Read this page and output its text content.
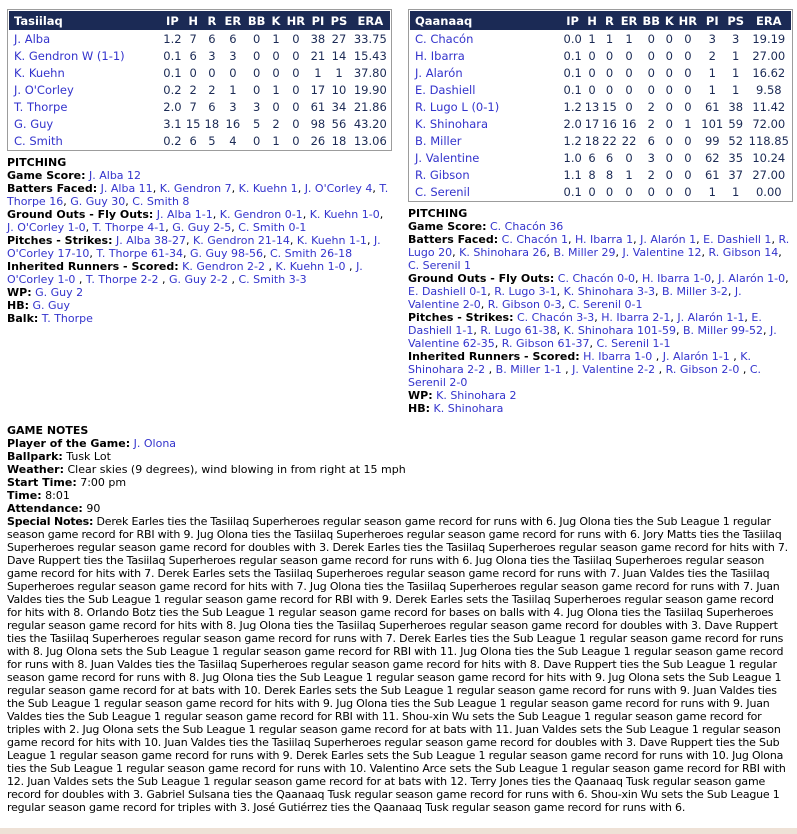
Tasiilaq	IP	H	R	ER	BB	K	HR	PI	PS	ERA
J. Alba	1.2	7	6	6	0	1	0	38	27	33.75
K. Gendron W (1-1)	0.1	6	3	3	0	0	0	21	14	15.43
K. Kuehn	0.1	0	0	0	0	0	0	1	1	37.80
J. O'Corley	0.2	2	2	1	0	1	0	17	10	19.90
T. Thorpe	2.0	7	6	3	3	0	0	61	34	21.86
G. Guy	3.1	15	18	16	5	2	0	98	56	43.20
C. Smith	0.2	6	5	4	0	1	0	26	18	13.06
PITCHING
Game Score: J. Alba 12
Batters Faced: J. Alba 11, K. Gendron 7, K. Kuehn 1, J. O'Corley 4, T. Thorpe 16, G. Guy 30, C. Smith 8
Ground Outs - Fly Outs: J. Alba 1-1, K. Gendron 0-1, K. Kuehn 1-0, J. O'Corley 1-0, T. Thorpe 4-1, G. Guy 2-5, C. Smith 0-1
Pitches - Strikes: J. Alba 38-27, K. Gendron 21-14, K. Kuehn 1-1, J. O'Corley 17-10, T. Thorpe 61-34, G. Guy 98-56, C. Smith 26-18
Inherited Runners - Scored: K. Gendron 2-2 , K. Kuehn 1-0 , J. O'Corley 1-0 , T. Thorpe 2-2 , G. Guy 2-2 , C. Smith 3-3
WP: G. Guy 2
HB: G. Guy
Balk: T. Thorpe
Qaanaaq	IP	H	R	ER	BB	K	HR	PI	PS	ERA
C. Chacón	0.0	1	1	1	0	0	0	3	3	19.19
H. Ibarra	0.1	0	0	0	0	0	0	2	1	27.00
J. Alarón	0.1	0	0	0	0	0	0	1	1	16.62
E. Dashiell	0.1	0	0	0	0	0	0	1	1	9.58
R. Lugo L (0-1)	1.2	13	15	0	2	0	0	61	38	11.42
K. Shinohara	2.0	17	16	16	2	0	1	101	59	72.00
B. Miller	1.2	18	22	22	6	0	0	99	52	118.85
J. Valentine	1.0	6	6	0	3	0	0	62	35	10.24
R. Gibson	1.1	8	8	1	2	0	0	61	37	27.00
C. Serenil	0.1	0	0	0	0	0	0	1	1	0.00
PITCHING
Game Score: C. Chacón 36
Batters Faced: C. Chacón 1, H. Ibarra 1, J. Alarón 1, E. Dashiell 1, R. Lugo 20, K. Shinohara 26, B. Miller 29, J. Valentine 12, R. Gibson 14, C. Serenil 1
Ground Outs - Fly Outs: C. Chacón 0-0, H. Ibarra 1-0, J. Alarón 1-0, E. Dashiell 0-1, R. Lugo 3-1, K. Shinohara 3-3, B. Miller 3-2, J. Valentine 2-0, R. Gibson 0-3, C. Serenil 0-1
Pitches - Strikes: C. Chacón 3-3, H. Ibarra 2-1, J. Alarón 1-1, E. Dashiell 1-1, R. Lugo 61-38, K. Shinohara 101-59, B. Miller 99-52, J. Valentine 62-35, R. Gibson 61-37, C. Serenil 1-1
Inherited Runners - Scored: H. Ibarra 1-0 , J. Alarón 1-1 , K. Shinohara 2-2 , B. Miller 1-1 , J. Valentine 2-2 , R. Gibson 2-0 , C. Serenil 2-0
WP: K. Shinohara 2
HB: K. Shinohara
GAME NOTES
Player of the Game: J. Olona
Ballpark: Tusk Lot
Weather: Clear skies (9 degrees), wind blowing in from right at 15 mph
Start Time: 7:00 pm
Time: 8:01
Attendance: 90
Special Notes: Derek Earles ties the Tasiilaq Superheroes regular season game record for runs with 6. Jug Olona ties the Sub League 1 regular season game record for RBI with 9. Jug Olona ties the Tasiilaq Superheroes regular season game record for runs with 6. Jory Matts ties the Tasiilaq Superheroes regular season game record for doubles with 3. Derek Earles ties the Tasiilaq Superheroes regular season game record for hits with 7. Dave Ruppert ties the Tasiilaq Superheroes regular season game record for runs with 6. Jug Olona ties the Tasiilaq Superheroes regular season game record for hits with 7. Derek Earles sets the Tasiilaq Superheroes regular season game record for runs with 7. Juan Valdes ties the Tasiilaq Superheroes regular season game record for hits with 7. Jug Olona ties the Tasiilaq Superheroes regular season game record for runs with 7. Juan Valdes ties the Sub League 1 regular season game record for RBI with 9. Derek Earles sets the Tasiilaq Superheroes regular season game record for hits with 8. Orlando Botz ties the Sub League 1 regular season game record for bases on balls with 4. Jug Olona ties the Tasiilaq Superheroes regular season game record for hits with 8. Jug Olona ties the Tasiilaq Superheroes regular season game record for doubles with 3. Dave Ruppert ties the Tasiilaq Superheroes regular season game record for runs with 7. Derek Earles ties the Sub League 1 regular season game record for runs with 8. Jug Olona sets the Sub League 1 regular season game record for RBI with 11. Jug Olona ties the Sub League 1 regular season game record for runs with 8. Juan Valdes ties the Tasiilaq Superheroes regular season game record for hits with 8. Dave Ruppert ties the Sub League 1 regular season game record for runs with 8. Jug Olona ties the Sub League 1 regular season game record for hits with 9. Jug Olona sets the Sub League 1 regular season game record for at bats with 10. Derek Earles sets the Sub League 1 regular season game record for runs with 9. Juan Valdes ties the Sub League 1 regular season game record for hits with 9. Jug Olona ties the Sub League 1 regular season game record for runs with 9. Juan Valdes ties the Sub League 1 regular season game record for RBI with 11. Shou-xin Wu sets the Sub League 1 regular season game record for triples with 2. Jug Olona sets the Sub League 1 regular season game record for at bats with 11. Juan Valdes sets the Sub League 1 regular season game record for hits with 10. Juan Valdes ties the Tasiilaq Superheroes regular season game record for doubles with 3. Dave Ruppert ties the Sub League 1 regular season game record for runs with 9. Derek Earles sets the Sub League 1 regular season game record for runs with 10. Jug Olona ties the Sub League 1 regular season game record for runs with 10. Valentino Arce sets the Sub League 1 regular season game record for RBI with 12. Juan Valdes sets the Sub League 1 regular season game record for at bats with 12. Terry Jones ties the Qaanaaq Tusk regular season game record for doubles with 3. Gabriel Sulsana ties the Qaanaaq Tusk regular season game record for runs with 6. Shou-xin Wu sets the Sub League 1 regular season game record for triples with 3. José Gutiérrez ties the Qaanaaq Tusk regular season game record for runs with 6.
